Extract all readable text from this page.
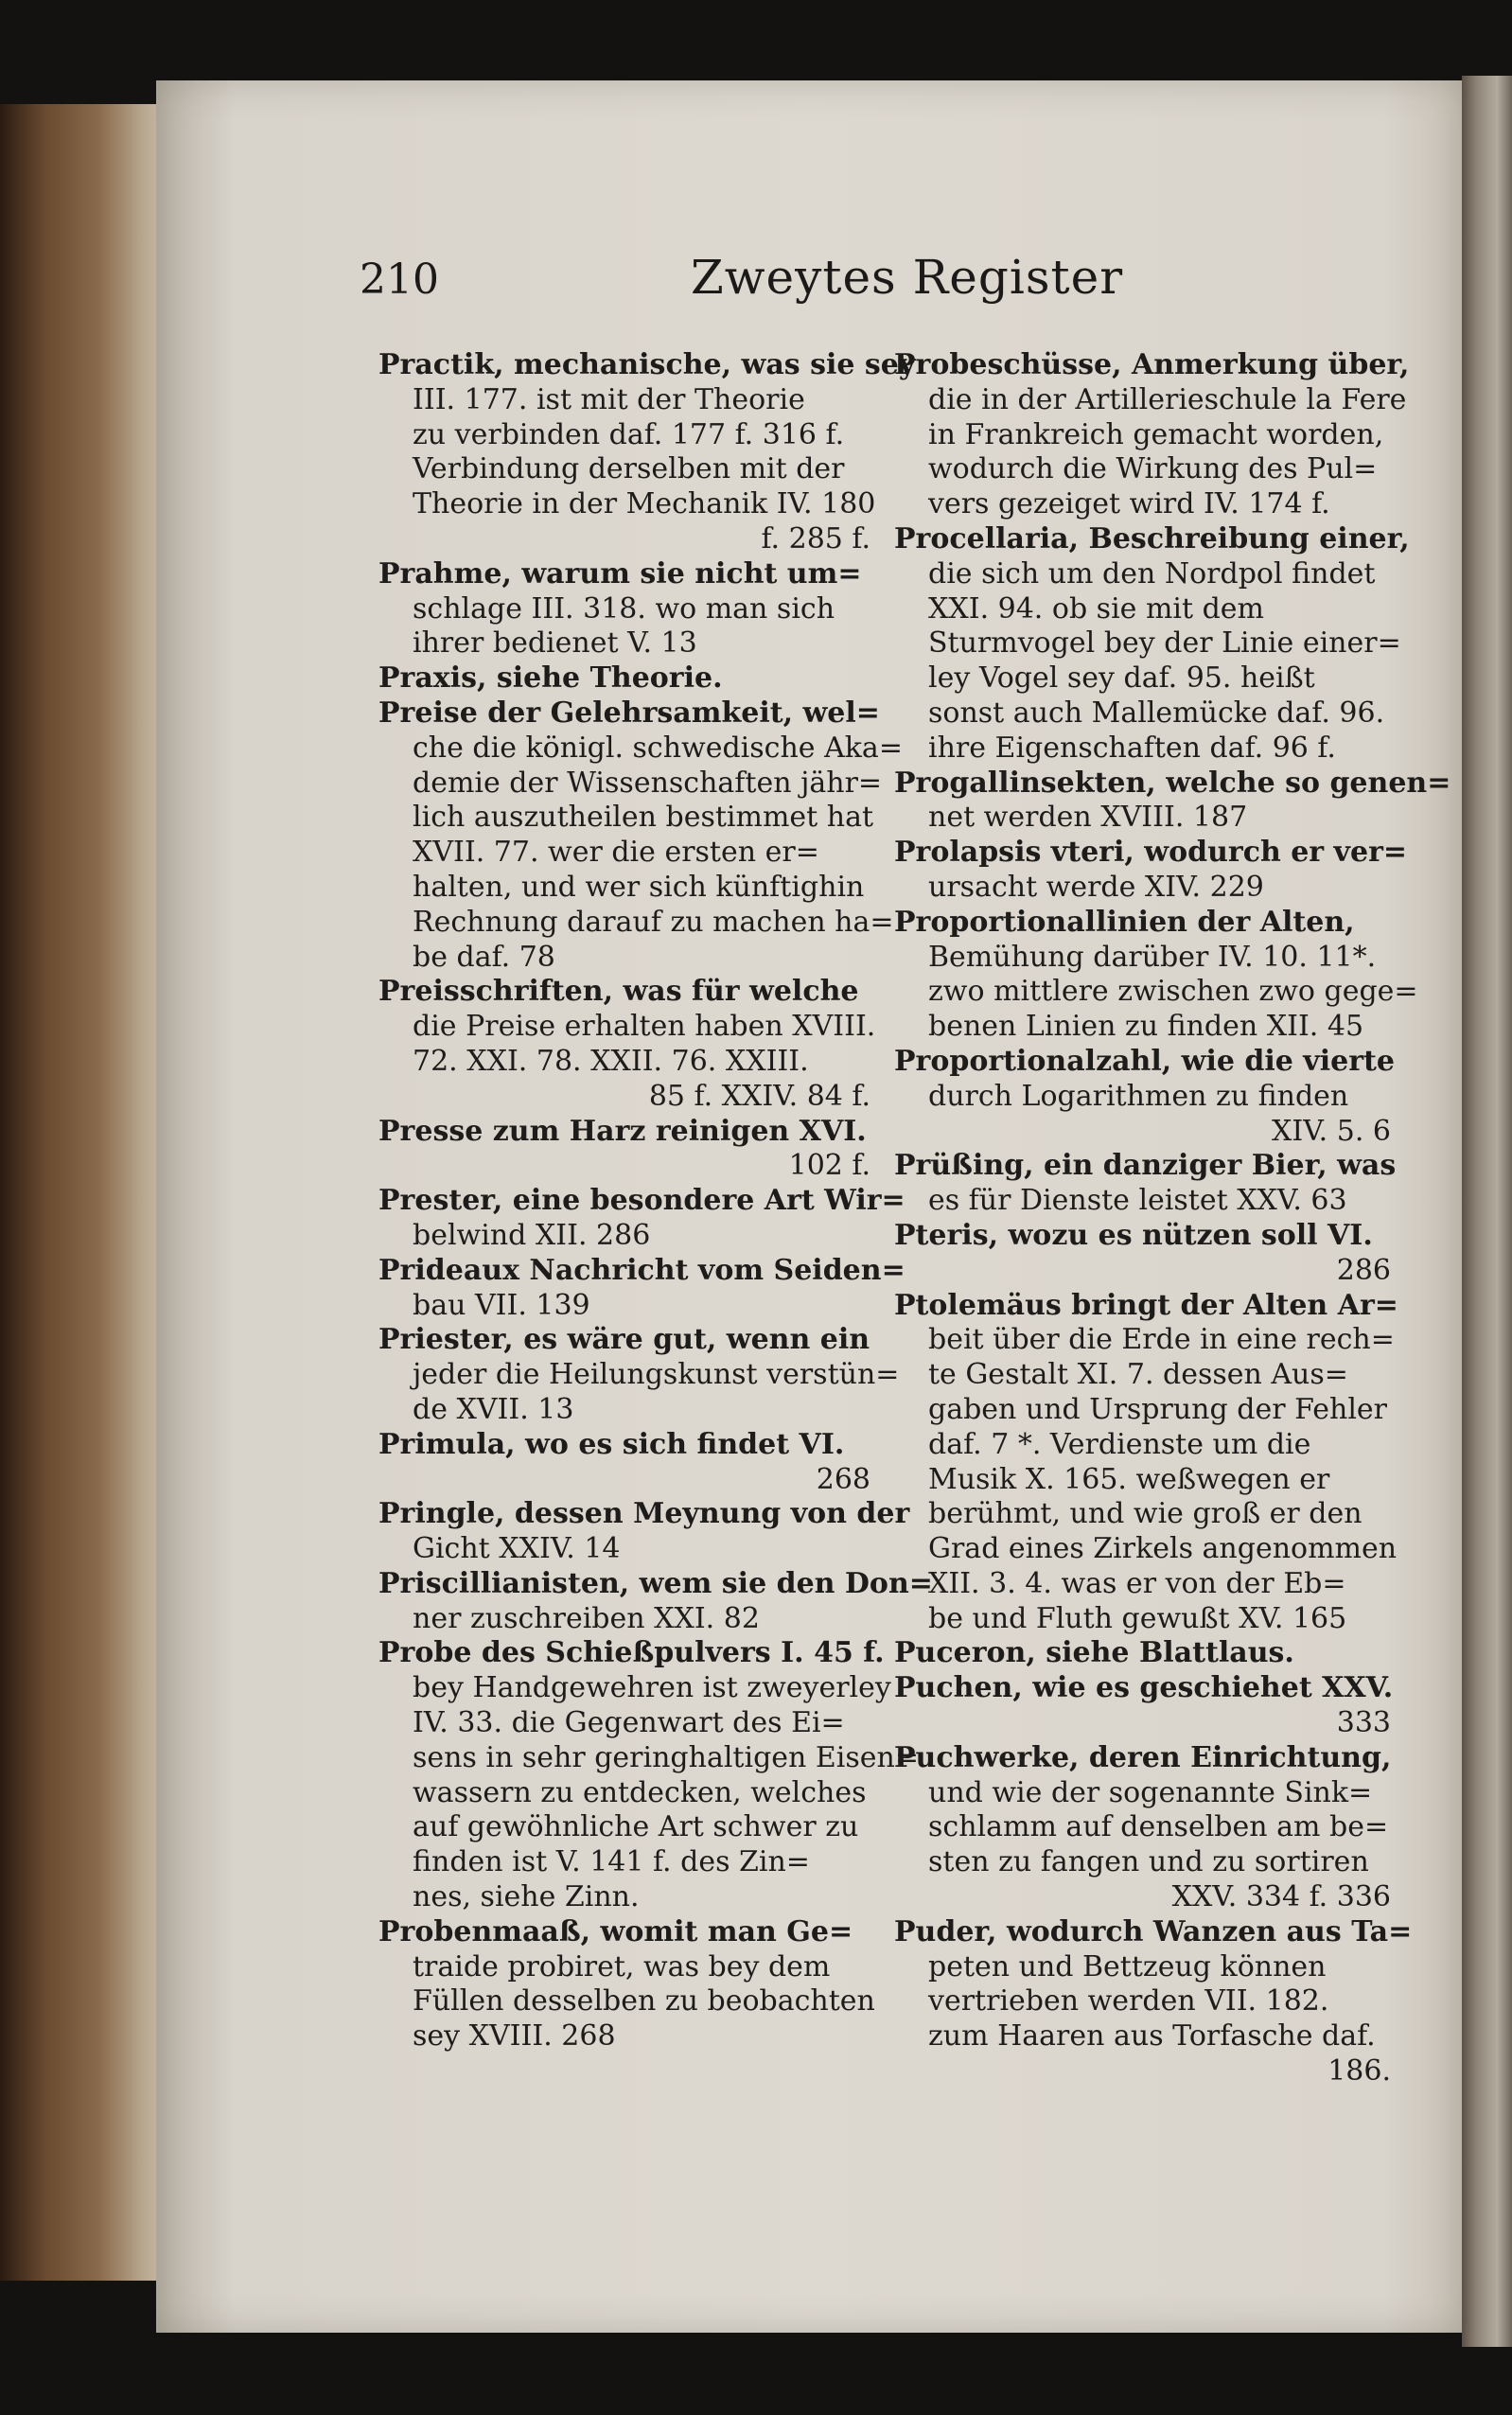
210	Zweytes Register
Practik, mechanische, was sie sey
III. 177. ist mit der Theorie
zu verbinden daf. 177 f. 316 f.
Verbindung derselben mit der
Theorie in der Mechanik IV. 180
f. 285 f.
Prahme, warum sie nicht um=
schlage III. 318. wo man sich
ihrer bedienet V. 13
Praxis, siehe Theorie.
Preise der Gelehrsamkeit, wel=
che die königl. schwedische Aka=
demie der Wissenschaften jähr=
lich auszutheilen bestimmet hat
XVII. 77. wer die ersten er=
halten, und wer sich künftighin
Rechnung darauf zu machen ha=
be daf. 78
Preisschriften, was für welche
die Preise erhalten haben XVIII.
72. XXI. 78. XXII. 76. XXIII.
85 f. XXIV. 84 f.
Presse zum Harz reinigen XVI.
102 f.
Prester, eine besondere Art Wir=
belwind XII. 286
Prideaux Nachricht vom Seiden=
bau VII. 139
Priester, es wäre gut, wenn ein
jeder die Heilungskunst verstün=
de XVII. 13
Primula, wo es sich findet VI.
268
Pringle, dessen Meynung von der
Gicht XXIV. 14
Priscillianisten, wem sie den Don=
ner zuschreiben XXI. 82
Probe des Schießpulvers I. 45 f.
bey Handgewehren ist zweyerley
IV. 33. die Gegenwart des Ei=
sens in sehr geringhaltigen Eisen=
wassern zu entdecken, welches
auf gewöhnliche Art schwer zu
finden ist V. 141 f. des Zin=
nes, siehe Zinn.
Probenmaaß, womit man Ge=
traide probiret, was bey dem
Füllen desselben zu beobachten
sey XVIII. 268
Probeschüsse, Anmerkung über,
die in der Artillerieschule la Fere
in Frankreich gemacht worden,
wodurch die Wirkung des Pul=
vers gezeiget wird IV. 174 f.
Procellaria, Beschreibung einer,
die sich um den Nordpol findet
XXI. 94. ob sie mit dem
Sturmvogel bey der Linie einer=
ley Vogel sey daf. 95. heißt
sonst auch Mallemücke daf. 96.
ihre Eigenschaften daf. 96 f.
Progallinsekten, welche so genen=
net werden XVIII. 187
Prolapsis vteri, wodurch er ver=
ursacht werde XIV. 229
Proportionallinien der Alten,
Bemühung darüber IV. 10. 11*.
zwo mittlere zwischen zwo gege=
benen Linien zu finden XII. 45
Proportionalzahl, wie die vierte
durch Logarithmen zu finden
XIV. 5. 6
Prüßing, ein danziger Bier, was
es für Dienste leistet XXV. 63
Pteris, wozu es nützen soll VI.
286
Ptolemäus bringt der Alten Ar=
beit über die Erde in eine rech=
te Gestalt XI. 7. dessen Aus=
gaben und Ursprung der Fehler
daf. 7 *. Verdienste um die
Musik X. 165. weßwegen er
berühmt, und wie groß er den
Grad eines Zirkels angenommen
XII. 3. 4. was er von der Eb=
be und Fluth gewußt XV. 165
Puceron, siehe Blattlaus.
Puchen, wie es geschiehet XXV.
333
Puchwerke, deren Einrichtung,
und wie der sogenannte Sink=
schlamm auf denselben am be=
sten zu fangen und zu sortiren
XXV. 334 f. 336
Puder, wodurch Wanzen aus Ta=
peten und Bettzeug können
vertrieben werden VII. 182.
zum Haaren aus Torfasche daf.
186.
